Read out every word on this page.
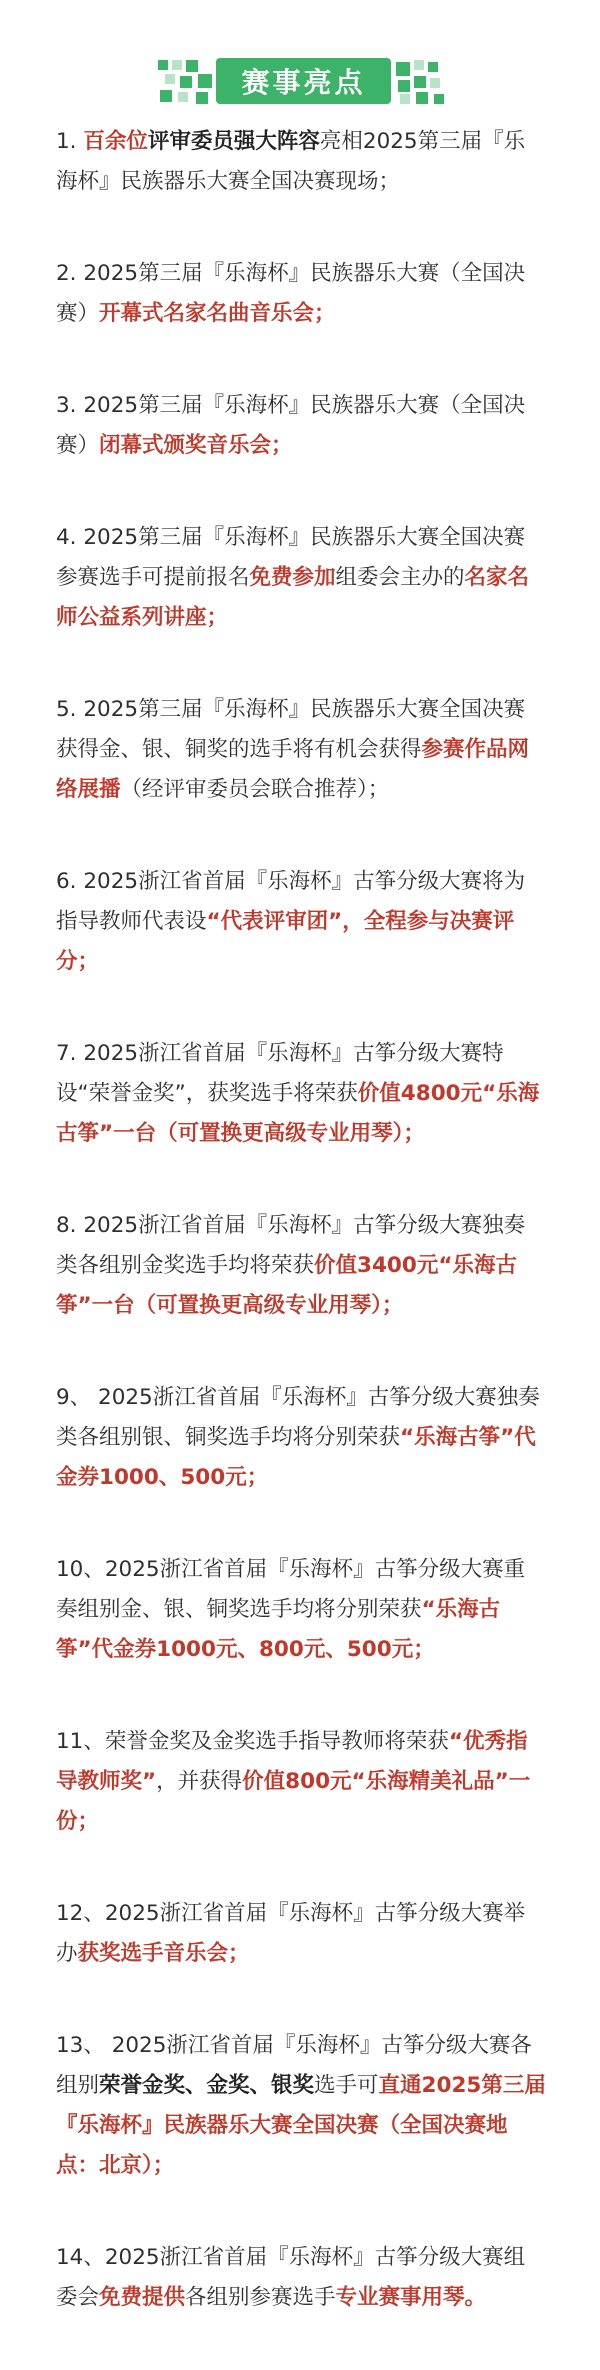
赛事亮点

1. 百余位评审委员强大阵容亮相2025第三届『乐海杯』民族器乐大赛全国决赛现场；

2. 2025第三届『乐海杯』民族器乐大赛（全国决赛）开幕式名家名曲音乐会；

3. 2025第三届『乐海杯』民族器乐大赛（全国决赛）闭幕式颁奖音乐会；

4. 2025第三届『乐海杯』民族器乐大赛全国决赛参赛选手可提前报名免费参加组委会主办的名家名师公益系列讲座；

5. 2025第三届『乐海杯』民族器乐大赛全国决赛获得金、银、铜奖的选手将有机会获得参赛作品网络展播（经评审委员会联合推荐）；

6. 2025浙江省首届『乐海杯』古筝分级大赛将为指导教师代表设“代表评审团”，全程参与决赛评分；

7. 2025浙江省首届『乐海杯』古筝分级大赛特设“荣誉金奖”，获奖选手将荣获价值4800元“乐海古筝”一台（可置换更高级专业用琴）；

8. 2025浙江省首届『乐海杯』古筝分级大赛独奏类各组别金奖选手均将荣获价值3400元“乐海古筝”一台（可置换更高级专业用琴）；

9、 2025浙江省首届『乐海杯』古筝分级大赛独奏类各组别银、铜奖选手均将分别荣获“乐海古筝”代金券1000、500元；

10、2025浙江省首届『乐海杯』古筝分级大赛重奏组别金、银、铜奖选手均将分别荣获“乐海古筝”代金券1000元、800元、500元；

11、荣誉金奖及金奖选手指导教师将荣获“优秀指导教师奖”，并获得价值800元“乐海精美礼品”一份；

12、2025浙江省首届『乐海杯』古筝分级大赛举办获奖选手音乐会；

13、 2025浙江省首届『乐海杯』古筝分级大赛各组别荣誉金奖、金奖、银奖选手可直通2025第三届『乐海杯』民族器乐大赛全国决赛（全国决赛地点：北京）；

14、2025浙江省首届『乐海杯』古筝分级大赛组委会免费提供各组别参赛选手专业赛事用琴。
